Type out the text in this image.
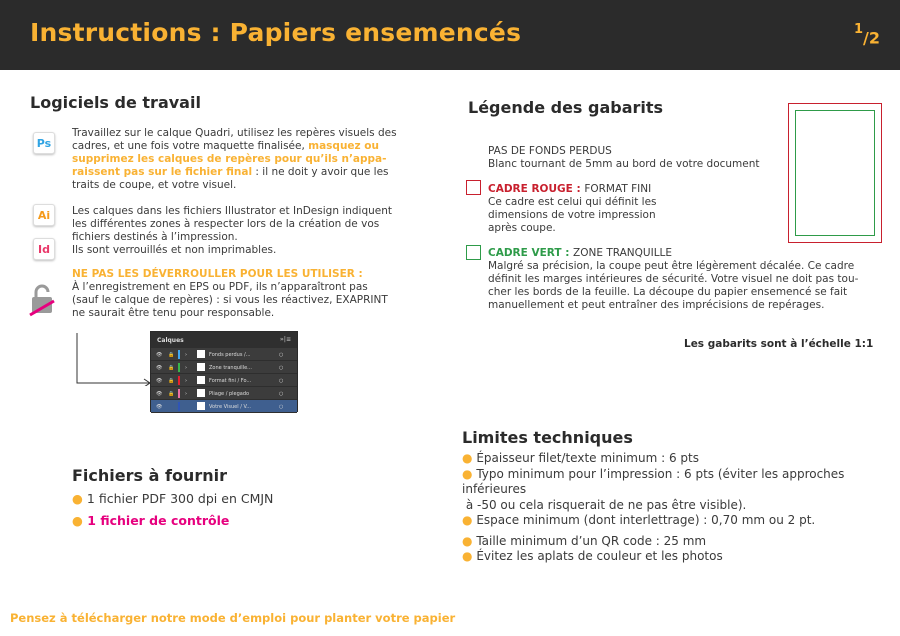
Instructions : Papiers ensemencés	$^1$/2
Logiciels de travail
Ps
Travaillez sur le calque Quadri, utilisez les repères visuels des
cadres, et une fois votre maquette finalisée, masquez ou
supprimez les calques de repères pour qu’ils n’appa-
raissent pas sur le fichier final : il ne doit y avoir que les
traits de coupe, et votre visuel.
Ai
Id
Les calques dans les fichiers Illustrator et InDesign indiquent
les différentes zones à respecter lors de la création de vos
fichiers destinés à l’impression.
Ils sont verrouillés et non imprimables.
NE PAS LES DÉVERROULLER POUR LES UTILISER :
À l’enregistrement en EPS ou PDF, ils n’apparaîtront pas
(sauf le calque de repères) : si vous les réactivez, EXAPRINT
ne saurait être tenu pour responsable.
Calques	»|≡
👁 🔒 ›	Fonds perdus /...	○
👁 🔒 ›	Zone tranquille...	○
👁 🔒 ›	Format fini / Fo...	○
👁 🔒 ›	Pliage / plegado	○
👁	Votre Visuel / V...	○
Fichiers à fournir
● 1 fichier PDF 300 dpi en CMJN
● 1 fichier de contrôle
Légende des gabarits
PAS DE FONDS PERDUS
Blanc tournant de 5mm au bord de votre document
CADRE ROUGE : FORMAT FINI
Ce cadre est celui qui définit les
dimensions de votre impression
après coupe.
CADRE VERT : ZONE TRANQUILLE
Malgré sa précision, la coupe peut être légèrement décalée. Ce cadre
définit les marges intérieures de sécurité. Votre visuel ne doit pas tou-
cher les bords de la feuille. La découpe du papier ensemencé se fait
manuellement et peut entraîner des imprécisions de repérages.
Les gabarits sont à l’échelle 1:1
Limites techniques
● Épaisseur filet/texte minimum : 6 pts
● Typo minimum pour l’impression : 6 pts (éviter les approches
inférieures
à -50 ou cela risquerait de ne pas être visible).
● Espace minimum (dont interlettrage) : 0,70 mm ou 2 pt.
● Taille minimum d’un QR code : 25 mm
● Évitez les aplats de couleur et les photos
Pensez à télécharger notre mode d’emploi pour planter votre papier
